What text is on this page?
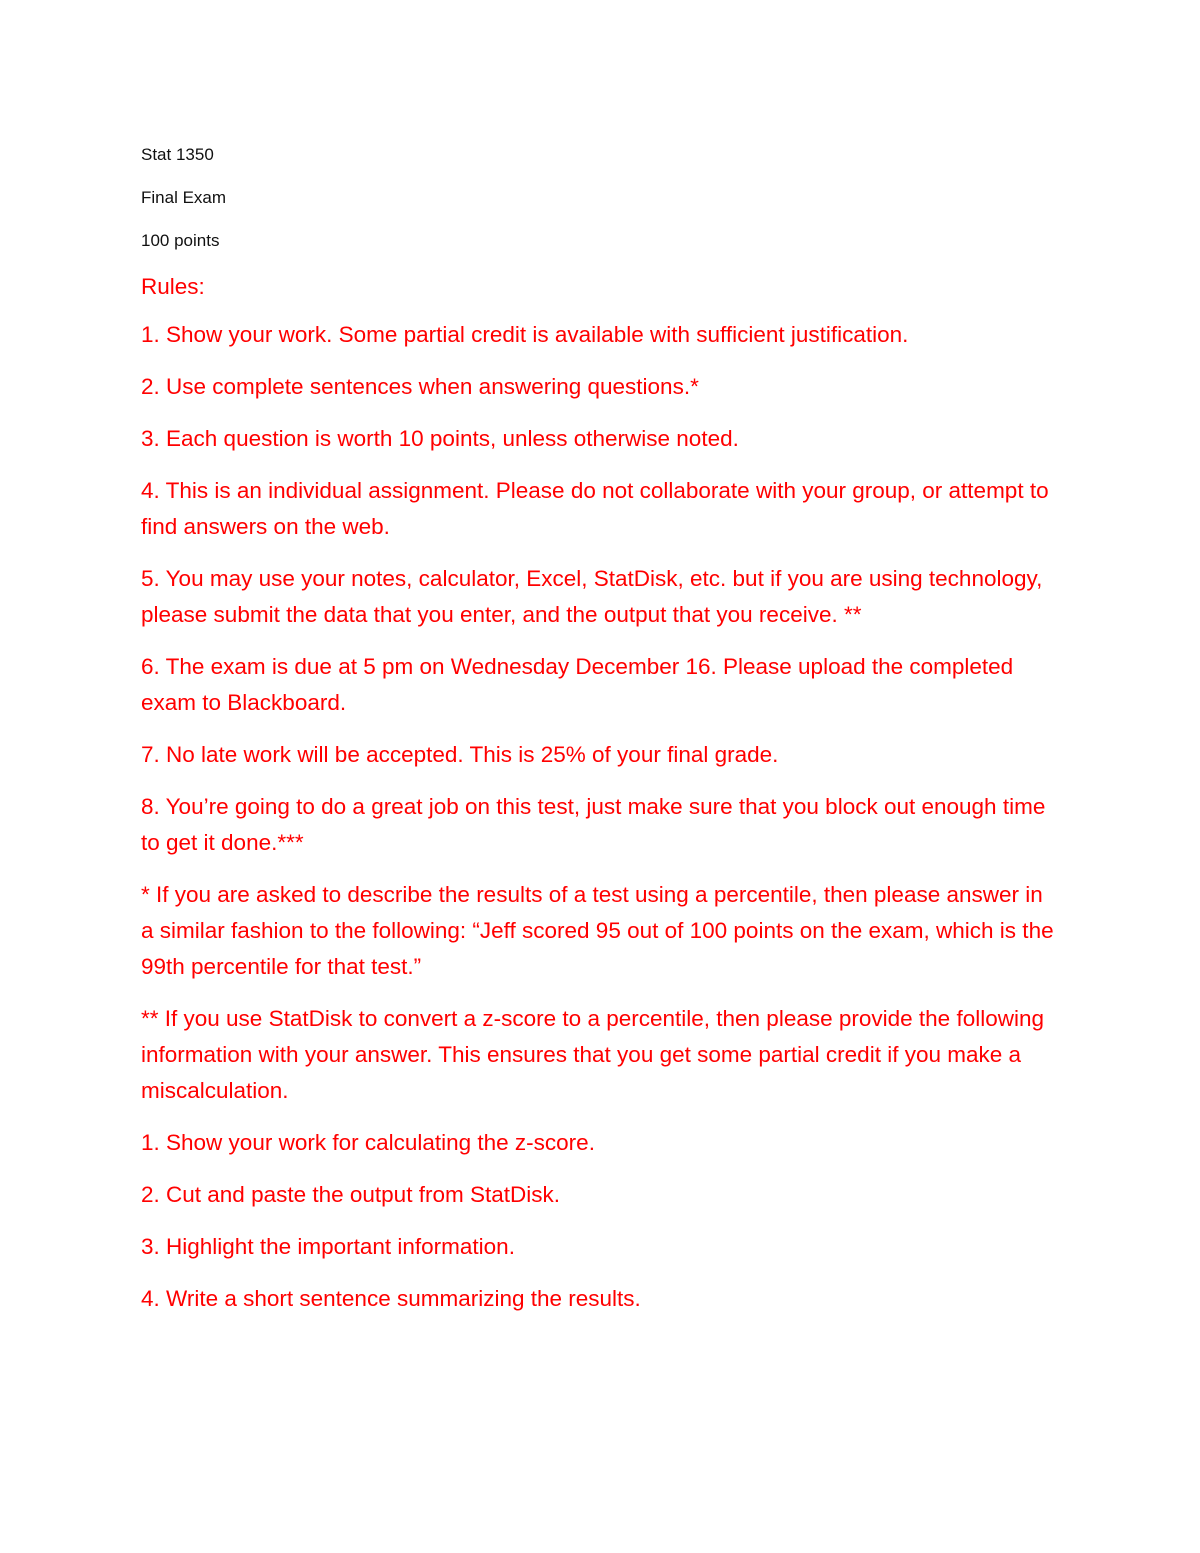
Stat 1350
Final Exam
100 points
Rules:
1. Show your work. Some partial credit is available with sufficient justification.
2. Use complete sentences when answering questions.*
3. Each question is worth 10 points, unless otherwise noted.
4. This is an individual assignment. Please do not collaborate with your group, or attempt to find answers on the web.
5. You may use your notes, calculator, Excel, StatDisk, etc. but if you are using technology, please submit the data that you enter, and the output that you receive. **
6. The exam is due at 5 pm on Wednesday December 16. Please upload the completed exam to Blackboard.
7. No late work will be accepted. This is 25% of your final grade.
8. You’re going to do a great job on this test, just make sure that you block out enough time to get it done.***
* If you are asked to describe the results of a test using a percentile, then please answer in a similar fashion to the following: “Jeff scored 95 out of 100 points on the exam, which is the 99th percentile for that test.”
** If you use StatDisk to convert a z-score to a percentile, then please provide the following information with your answer. This ensures that you get some partial credit if you make a miscalculation.
1. Show your work for calculating the z-score.
2. Cut and paste the output from StatDisk.
3. Highlight the important information.
4. Write a short sentence summarizing the results.
